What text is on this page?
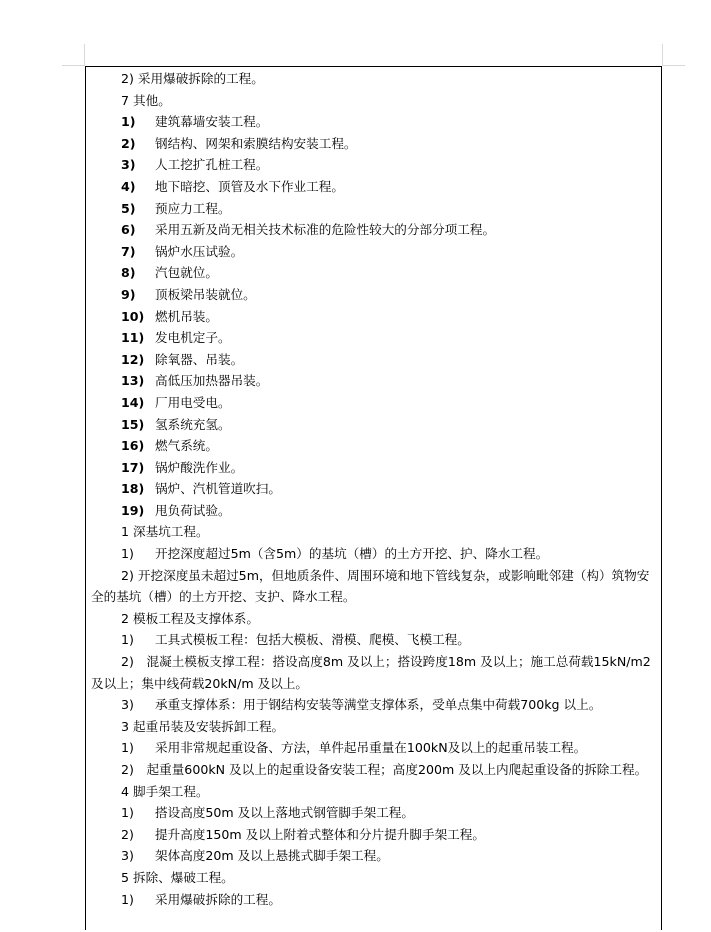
2) 采用爆破拆除的工程。
7 其他。
1) 建筑幕墙安装工程。
2) 钢结构、网架和索膜结构安装工程。
3) 人工挖扩孔桩工程。
4) 地下暗挖、顶管及水下作业工程。
5) 预应力工程。
6) 采用五新及尚无相关技术标准的危险性较大的分部分项工程。
7) 锅炉水压试验。
8) 汽包就位。
9) 顶板梁吊装就位。
10) 燃机吊装。
11) 发电机定子。
12) 除氧器、吊装。
13) 高低压加热器吊装。
14) 厂用电受电。
15) 氢系统充氢。
16) 燃气系统。
17) 锅炉酸洗作业。
18) 锅炉、汽机管道吹扫。
19) 甩负荷试验。
1 深基坑工程。
1) 开挖深度超过5m（含5m）的基坑（槽）的土方开挖、护、降水工程。
2) 开挖深度虽未超过5m，但地质条件、周围环境和地下管线复杂，或影响毗邻建（构）筑物安全的基坑（槽）的土方开挖、支护、降水工程。
2 模板工程及支撑体系。
1) 工具式模板工程：包括大模板、滑模、爬模、飞模工程。
2)　混凝土模板支撑工程：搭设高度8m 及以上；搭设跨度18m 及以上；施工总荷载15kN/m2 及以上；集中线荷载20kN/m 及以上。
3) 承重支撑体系：用于钢结构安装等满堂支撑体系，受单点集中荷载700kg 以上。
3 起重吊装及安装拆卸工程。
1) 采用非常规起重设备、方法，单件起吊重量在100kN及以上的起重吊装工程。
2)　起重量600kN 及以上的起重设备安装工程；高度200m 及以上内爬起重设备的拆除工程。
4 脚手架工程。
1) 搭设高度50m 及以上落地式钢管脚手架工程。
2) 提升高度150m 及以上附着式整体和分片提升脚手架工程。
3) 架体高度20m 及以上悬挑式脚手架工程。
5 拆除、爆破工程。
1) 采用爆破拆除的工程。
